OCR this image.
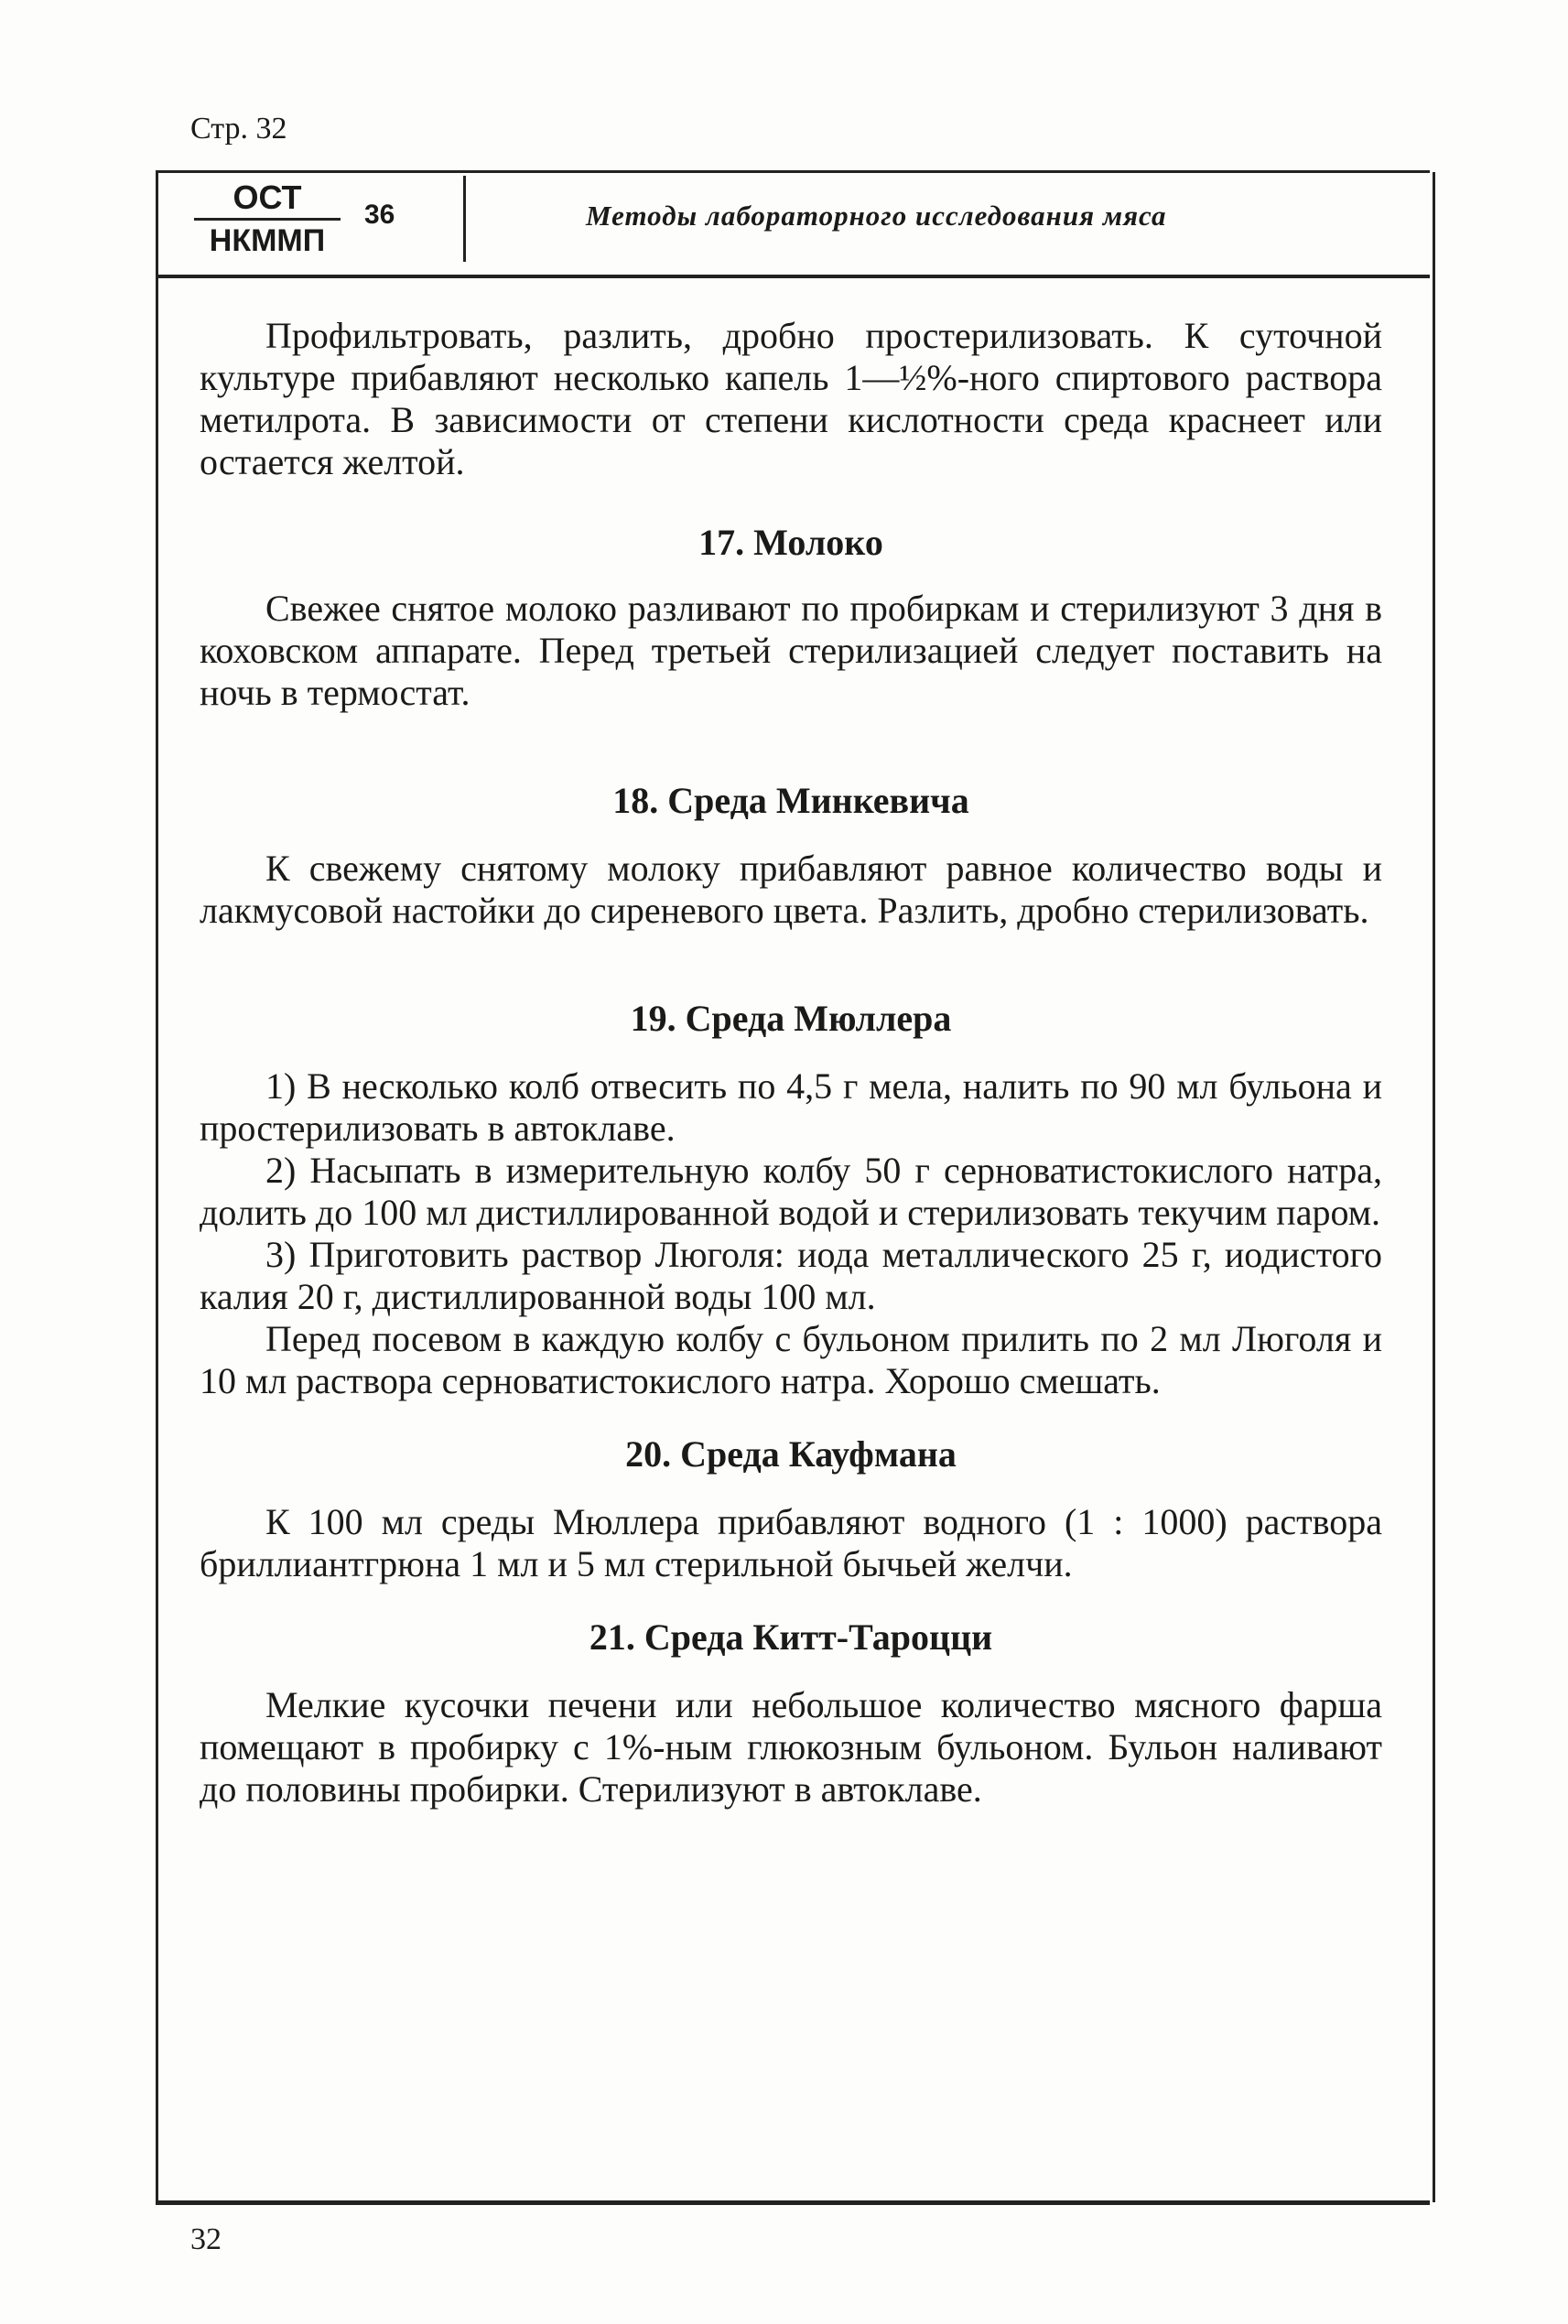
Стр. 32
ОСТ
НКММП
36	Методы лабораторного исследования мяса

Профильтровать, разлить, дробно простерилизовать. К суточной культуре прибавляют несколько капель 1—½%-ного спиртового раствора метилрота. В зависимости от степени кислотности среда краснеет или остается желтой.

17. Молоко

Свежее снятое молоко разливают по пробиркам и стерилизуют 3 дня в коховском аппарате. Перед третьей стерилизацией следует поставить на ночь в термостат.

18. Среда Минкевича

К свежему снятому молоку прибавляют равное количество воды и лакмусовой настойки до сиреневого цвета. Разлить, дробно стерилизовать.

19. Среда Мюллера

1) В несколько колб отвесить по 4,5 г мела, налить по 90 мл бульона и простерилизовать в автоклаве.

2) Насыпать в измерительную колбу 50 г серноватистокислого натра, долить до 100 мл дистиллированной водой и стерилизовать текучим паром.

3) Приготовить раствор Люголя: иода металлического 25 г, иодистого калия 20 г, дистиллированной воды 100 мл.

Перед посевом в каждую колбу с бульоном прилить по 2 мл Люголя и 10 мл раствора серноватистокислого натра. Хорошо смешать.

20. Среда Кауфмана

К 100 мл среды Мюллера прибавляют водного (1 : 1000) раствора бриллиантгрюна 1 мл и 5 мл стерильной бычьей желчи.

21. Среда Китт-Тароцци

Мелкие кусочки печени или небольшое количество мясного фарша помещают в пробирку с 1%-ным глюкозным бульоном. Бульон наливают до половины пробирки. Стерилизуют в автоклаве.

32
